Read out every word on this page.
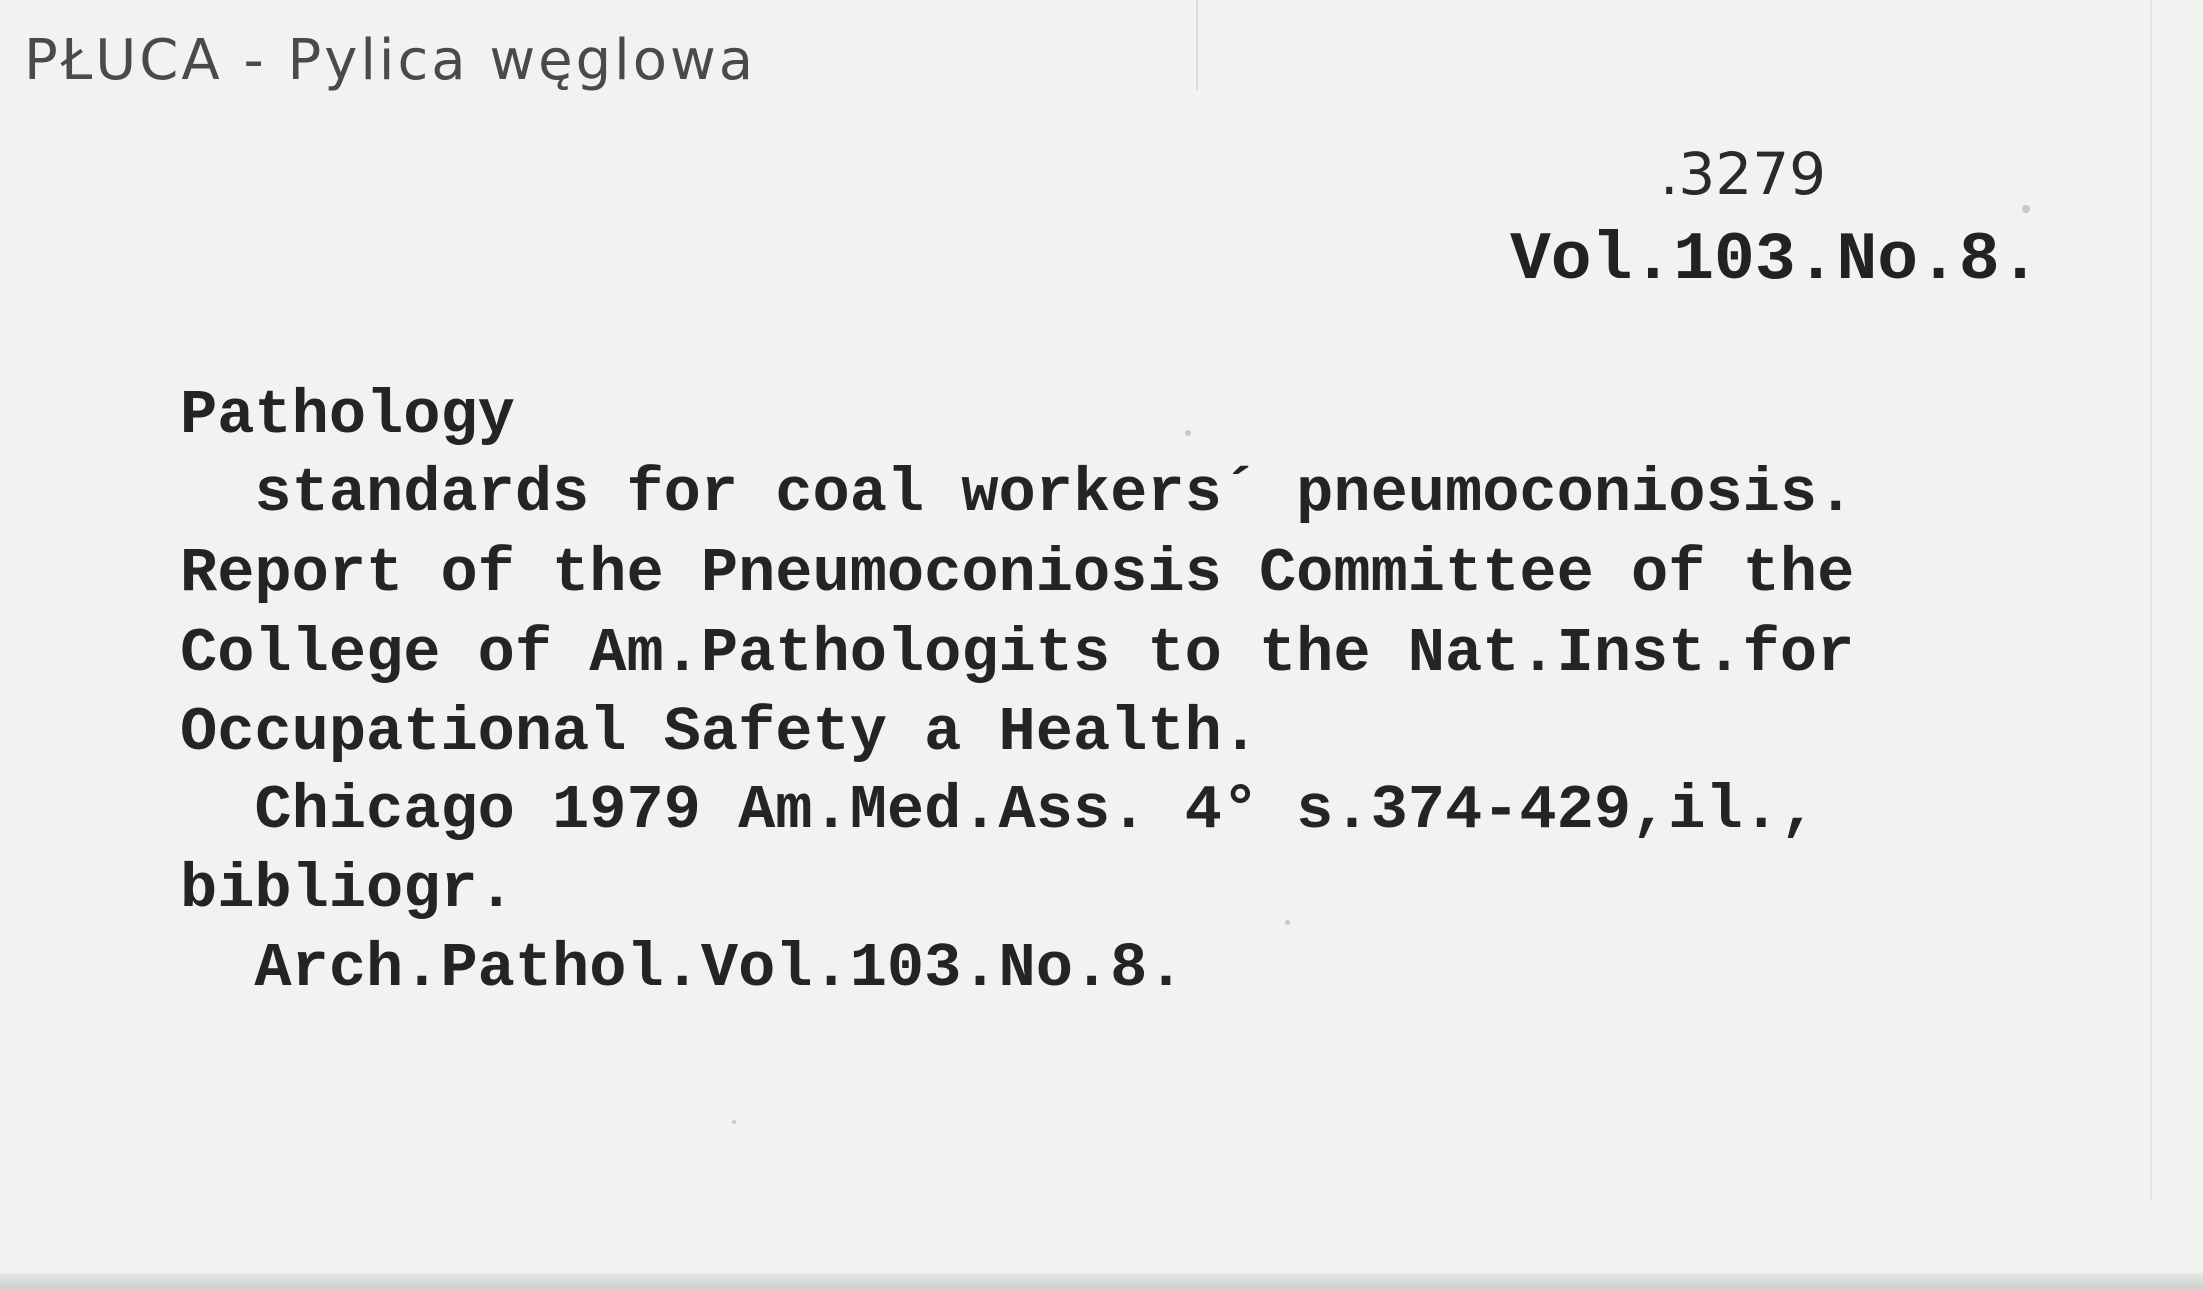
PŁUCA - Pylica węglowa
.3279
Vol.103.No.8.
Pathology
standards for coal workers´ pneumoconiosis.
Report of the Pneumoconiosis Committee of the
College of Am.Pathologits to the Nat.Inst.for
Occupational Safety a Health.
Chicago 1979 Am.Med.Ass. 4° s.374-429,il.,
bibliogr.
Arch.Pathol.Vol.103.No.8.
